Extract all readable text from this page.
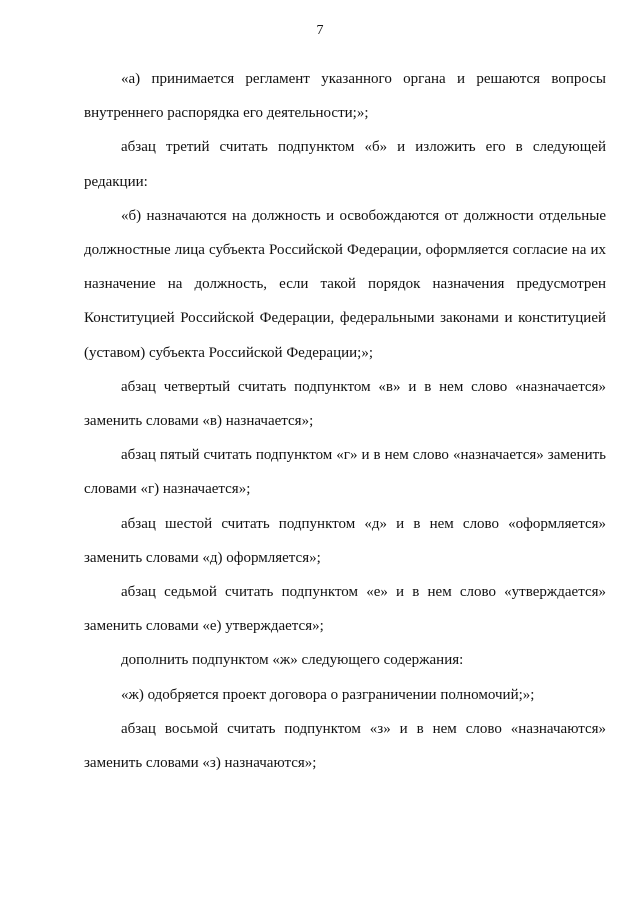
7

«а) принимается регламент указанного органа и решаются вопросы внутреннего распорядка его деятельности;»;

абзац третий считать подпунктом «б» и изложить его в следующей редакции:

«б) назначаются на должность и освобождаются от должности отдельные должностные лица субъекта Российской Федерации, оформляется согласие на их назначение на должность, если такой порядок назначения предусмотрен Конституцией Российской Федерации, федеральными законами и конституцией (уставом) субъекта Российской Федерации;»;

абзац четвертый считать подпунктом «в» и в нем слово «назначается» заменить словами «в) назначается»;

абзац пятый считать подпунктом «г» и в нем слово «назначается» заменить словами «г) назначается»;

абзац шестой считать подпунктом «д» и в нем слово «оформляется» заменить словами «д) оформляется»;

абзац седьмой считать подпунктом «е» и в нем слово «утверждается» заменить словами «е) утверждается»;

дополнить подпунктом «ж» следующего содержания:

«ж) одобряется проект договора о разграничении полномочий;»;

абзац восьмой считать подпунктом «з» и в нем слово «назначаются» заменить словами «з) назначаются»;
